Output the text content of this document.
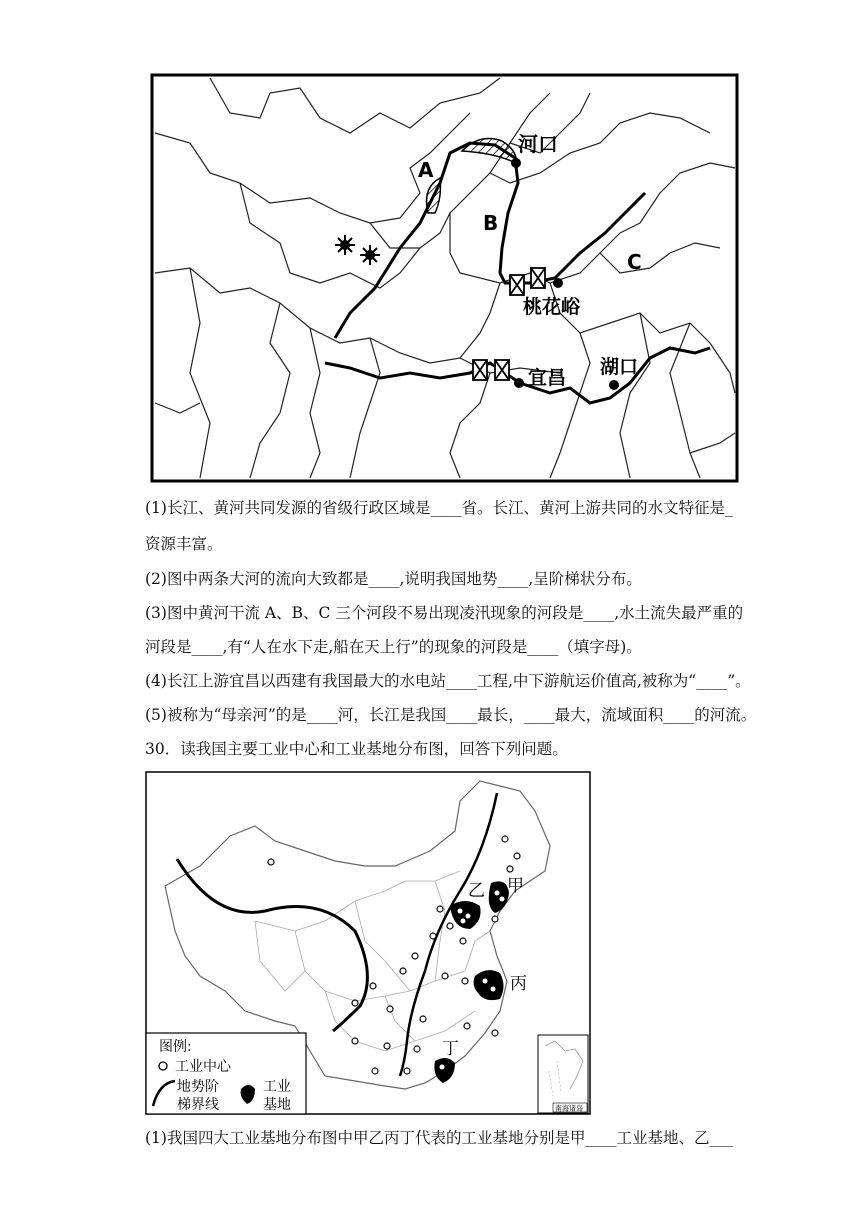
河口
A
B
C
桃花峪
宜昌 湖口
(1)长江、黄河共同发源的省级行政区域是____省。长江、黄河上游共同的水文特征是_
资源丰富。
(2)图中两条大河的流向大致都是____,说明我国地势____,呈阶梯状分布。
(3)图中黄河干流 A、B、C 三个河段不易出现凌汛现象的河段是____,水土流失最严重的
河段是____,有“人在水下走,船在天上行”的现象的河段是____（填字母)。
(4)长江上游宜昌以西建有我国最大的水电站____工程,中下游航运价值高,被称为“____”。
(5)被称为“母亲河”的是____河，长江是我国____最长，____最大，流域面积____的河流。
30．读我国主要工业中心和工业基地分布图，回答下列问题。
甲
乙
丙
丁
南海诸岛
图例:
工业中心
地势阶
梯界线
工业
基地
(1)我国四大工业基地分布图中甲乙丙丁代表的工业基地分别是甲____工业基地、乙___
